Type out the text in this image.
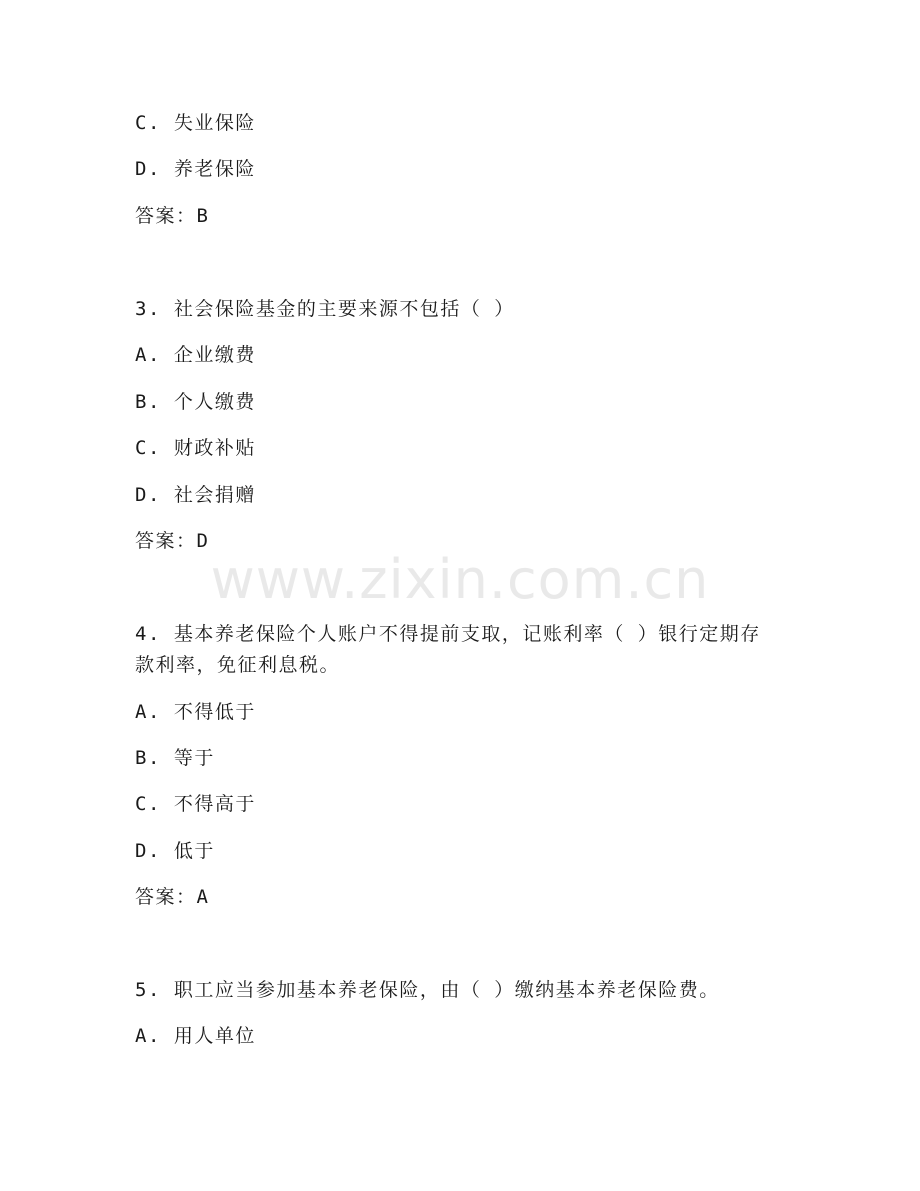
www.zixin.com.cn
C. 失业保险
D. 养老保险
答案：B
3. 社会保险基金的主要来源不包括（ ）
A. 企业缴费
B. 个人缴费
C. 财政补贴
D. 社会捐赠
答案：D
4. 基本养老保险个人账户不得提前支取，记账利率（ ）银行定期存
款利率，免征利息税。
A. 不得低于
B. 等于
C. 不得高于
D. 低于
答案：A
5. 职工应当参加基本养老保险，由（ ）缴纳基本养老保险费。
A. 用人单位
